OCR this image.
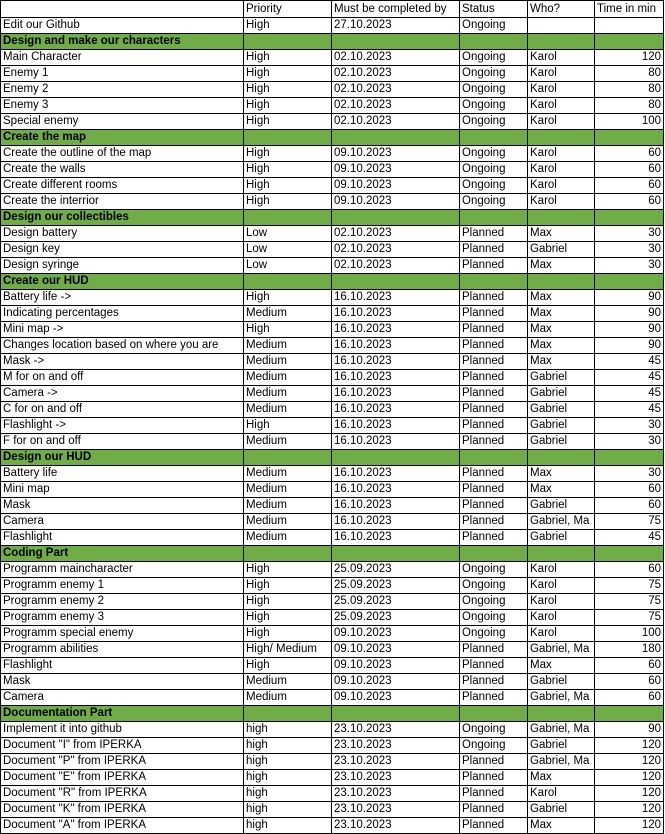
	Priority	Must be completed by	Status	Who?	Time in min
Edit our Github	High	27.10.2023	Ongoing		
Design and make our characters					
Main Character	High	02.10.2023	Ongoing	Karol	120
Enemy 1	High	02.10.2023	Ongoing	Karol	80
Enemy 2	High	02.10.2023	Ongoing	Karol	80
Enemy 3	High	02.10.2023	Ongoing	Karol	80
Special enemy	High	02.10.2023	Ongoing	Karol	100
Create the map					
Create the outline of the map	High	09.10.2023	Ongoing	Karol	60
Create the walls	High	09.10.2023	Ongoing	Karol	60
Create different rooms	High	09.10.2023	Ongoing	Karol	60
Create the interrior	High	09.10.2023	Ongoing	Karol	60
Design our collectibles					
Design battery	Low	02.10.2023	Planned	Max	30
Design key	Low	02.10.2023	Planned	Gabriel	30
Design syringe	Low	02.10.2023	Planned	Max	30
Create our HUD					
Battery life ->	High	16.10.2023	Planned	Max	90
Indicating percentages	Medium	16.10.2023	Planned	Max	90
Mini map ->	High	16.10.2023	Planned	Max	90
Changes location based on where you are	Medium	16.10.2023	Planned	Max	90
Mask ->	Medium	16.10.2023	Planned	Max	45
M for on and off	Medium	16.10.2023	Planned	Gabriel	45
Camera ->	Medium	16.10.2023	Planned	Gabriel	45
C for on and off	Medium	16.10.2023	Planned	Gabriel	45
Flashlight ->	High	16.10.2023	Planned	Gabriel	30
F for on and off	Medium	16.10.2023	Planned	Gabriel	30
Design our HUD					
Battery life	Medium	16.10.2023	Planned	Max	30
Mini map	Medium	16.10.2023	Planned	Max	60
Mask	Medium	16.10.2023	Planned	Gabriel	60
Camera	Medium	16.10.2023	Planned	Gabriel, Ma	75
Flashlight	Medium	16.10.2023	Planned	Gabriel	45
Coding Part					
Programm maincharacter	High	25.09.2023	Ongoing	Karol	60
Programm enemy 1	High	25.09.2023	Ongoing	Karol	75
Programm enemy 2	High	25.09.2023	Ongoing	Karol	75
Programm enemy 3	High	25.09.2023	Ongoing	Karol	75
Programm special enemy	High	09.10.2023	Ongoing	Karol	100
Programm abilities	High/ Medium	09.10.2023	Planned	Gabriel, Ma	180
Flashlight	High	09.10.2023	Planned	Max	60
Mask	Medium	09.10.2023	Planned	Gabriel	60
Camera	Medium	09.10.2023	Planned	Gabriel, Ma	60
Documentation Part					
Implement it into github	high	23.10.2023	Ongoing	Gabriel, Ma	90
Document "I" from IPERKA	high	23.10.2023	Ongoing	Gabriel	120
Document "P" from IPERKA	high	23.10.2023	Planned	Gabriel, Ma	120
Document "E" from IPERKA	high	23.10.2023	Planned	Max	120
Document "R" from IPERKA	high	23.10.2023	Planned	Karol	120
Document "K" from IPERKA	high	23.10.2023	Planned	Gabriel	120
Document "A" from IPERKA	high	23.10.2023	Planned	Max	120
